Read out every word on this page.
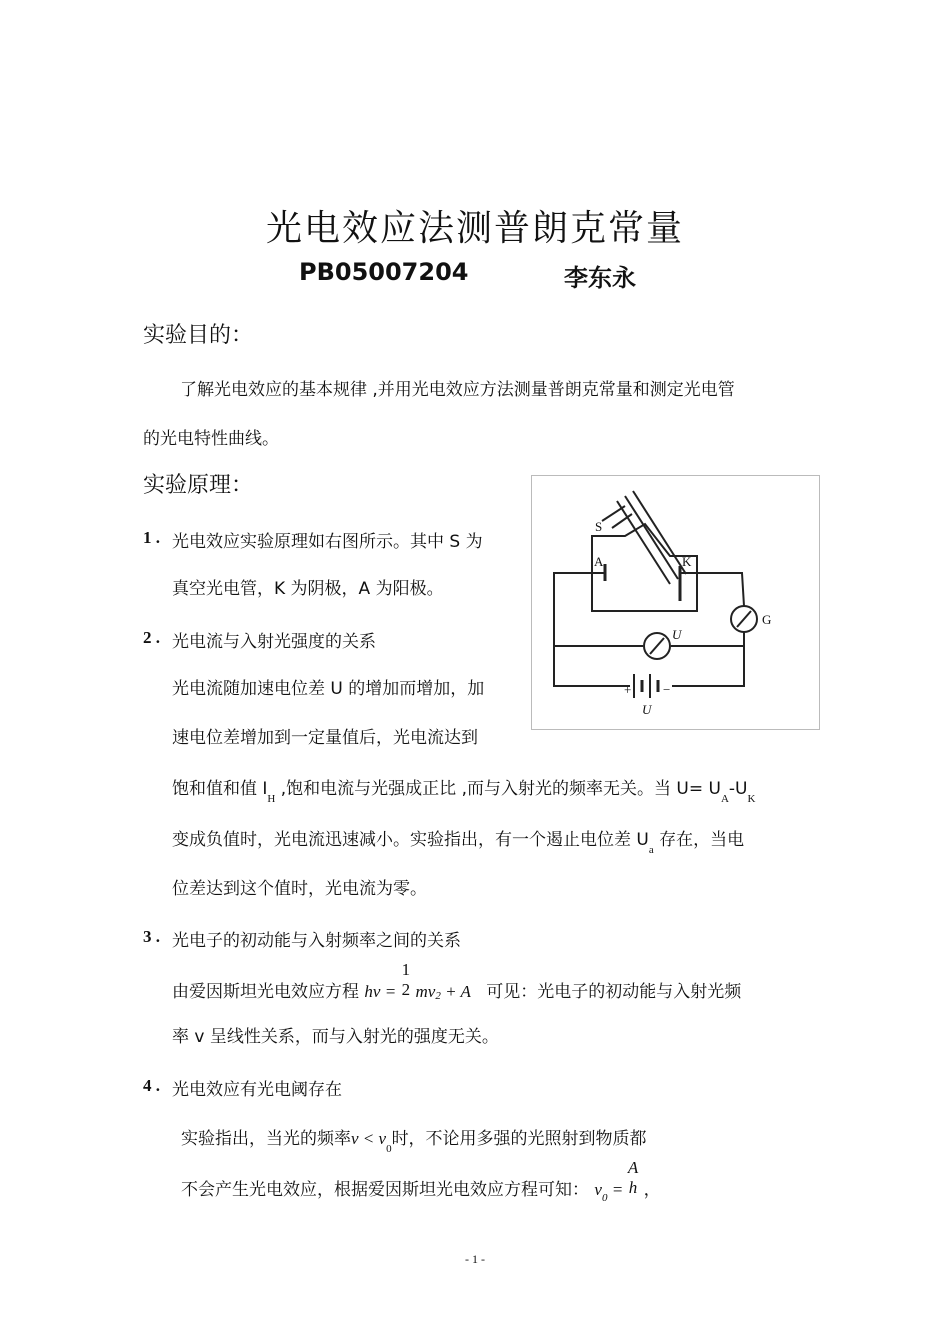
光电效应法测普朗克常量
PB05007204	李东永
实验目的：
了解光电效应的基本规律 ,并用光电效应方法测量普朗克常量和测定光电管
的光电特性曲线。
实验原理：
1 . 光电效应实验原理如右图所示。其中 S 为
真空光电管，K 为阴极，A 为阳极。
2 . 光电流与入射光强度的关系
光电流随加速电位差 U 的增加而增加，加
速电位差增加到一定量值后，光电流达到
饱和值和值 $I_H$ ,饱和电流与光强成正比 ,而与入射光的频率无关。当 $U= U_A-U_K$
变成负值时，光电流迅速减小。实验指出，有一个遏止电位差 $U_a$ 存在，当电
位差达到这个值时，光电流为零。
3 . 光电子的初动能与入射频率之间的关系
由爱因斯坦光电效应方程 hv =
1
2 mv2 + A 可见：光电子的初动能与入射光频
率 v 呈线性关系，而与入射光的强度无关。
4 . 光电效应有光电阈存在
实验指出，当光的频率$v < v_0$时，不论用多强的光照射到物质都
不会产生光电效应，根据爱因斯坦光电效应方程可知： $v_0$ =
A
h ，
S
A	K
G
U
U
+ −
- 1 -
